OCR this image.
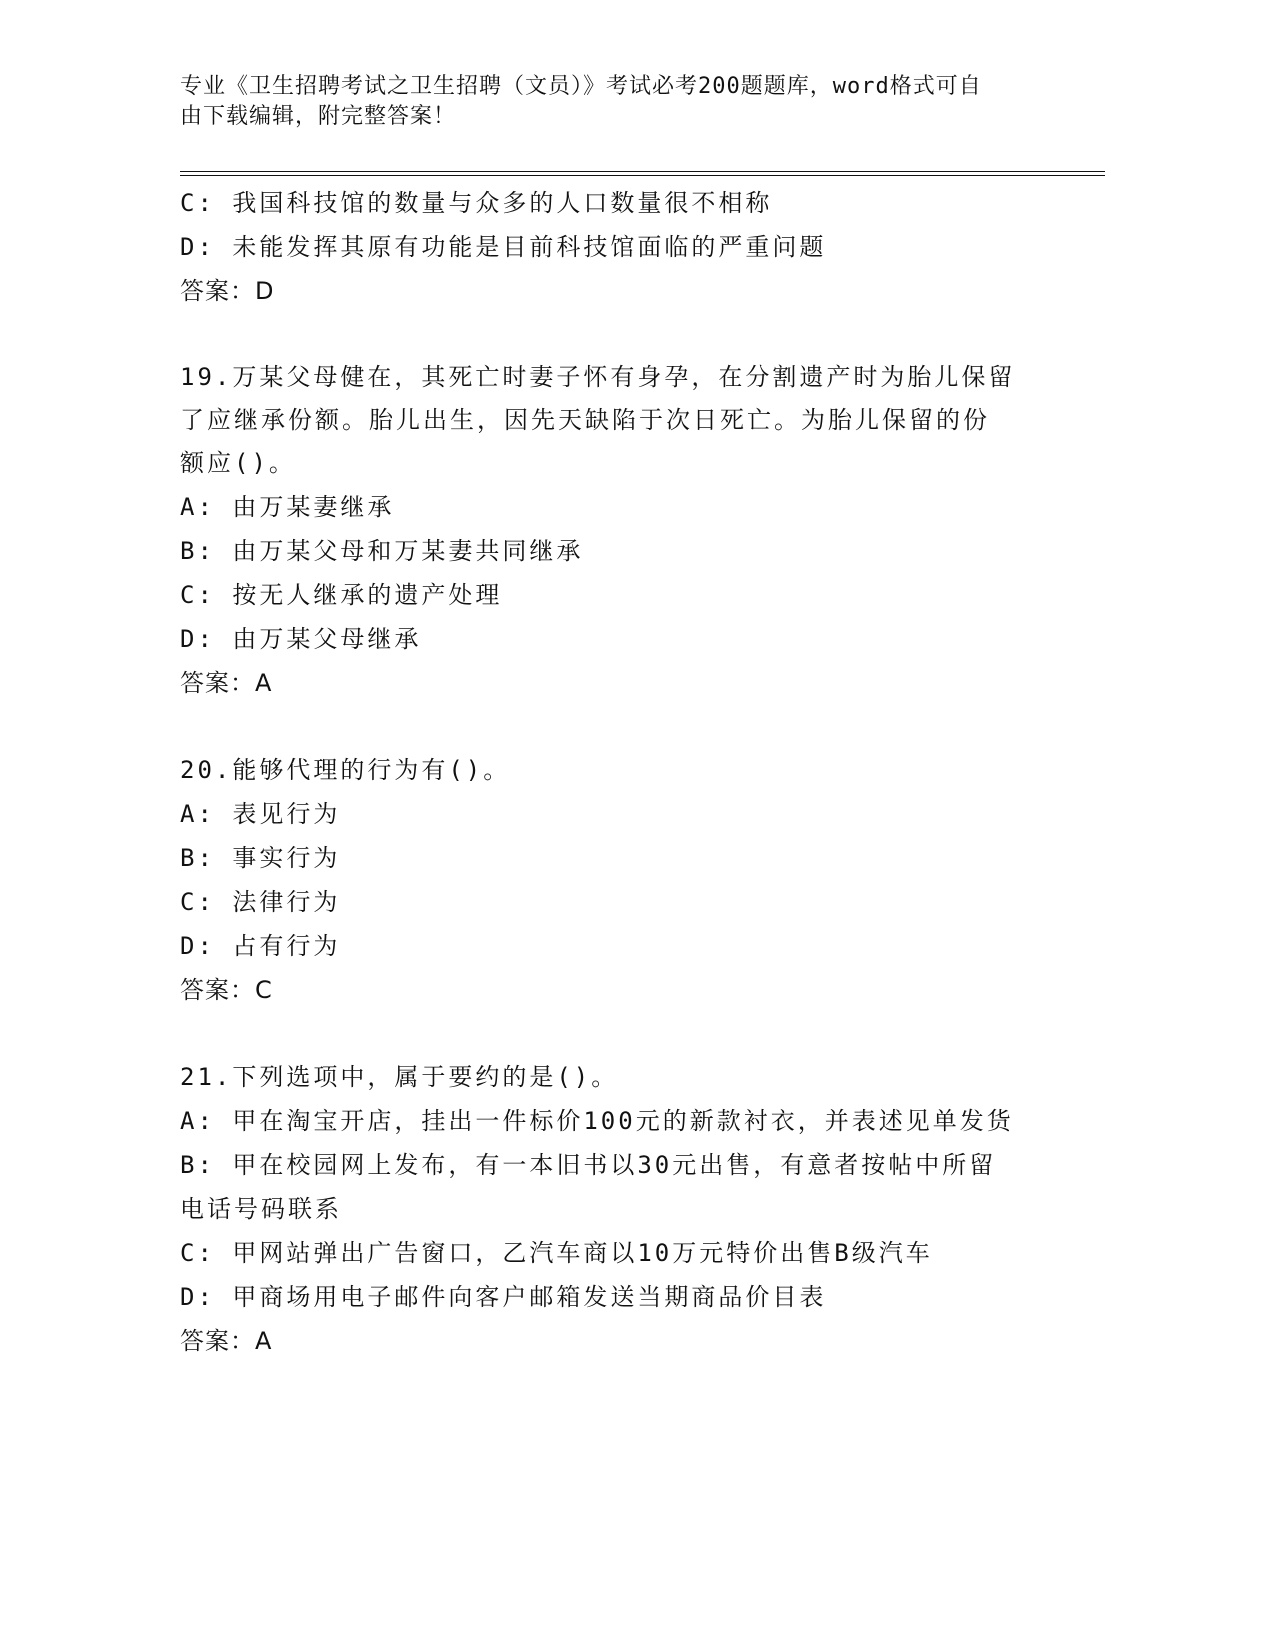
专业《卫生招聘考试之卫生招聘（文员）》考试必考200题题库，word格式可自
由下载编辑，附完整答案！
C: 我国科技馆的数量与众多的人口数量很不相称
D: 未能发挥其原有功能是目前科技馆面临的严重问题
答案：D
19.万某父母健在，其死亡时妻子怀有身孕，在分割遗产时为胎儿保留
了应继承份额。胎儿出生，因先天缺陷于次日死亡。为胎儿保留的份
额应()。
A: 由万某妻继承
B: 由万某父母和万某妻共同继承
C: 按无人继承的遗产处理
D: 由万某父母继承
答案：A
20.能够代理的行为有()。
A: 表见行为
B: 事实行为
C: 法律行为
D: 占有行为
答案：C
21.下列选项中，属于要约的是()。
A: 甲在淘宝开店，挂出一件标价100元的新款衬衣，并表述见单发货
B: 甲在校园网上发布，有一本旧书以30元出售，有意者按帖中所留
电话号码联系
C: 甲网站弹出广告窗口，乙汽车商以10万元特价出售B级汽车
D: 甲商场用电子邮件向客户邮箱发送当期商品价目表
答案：A
